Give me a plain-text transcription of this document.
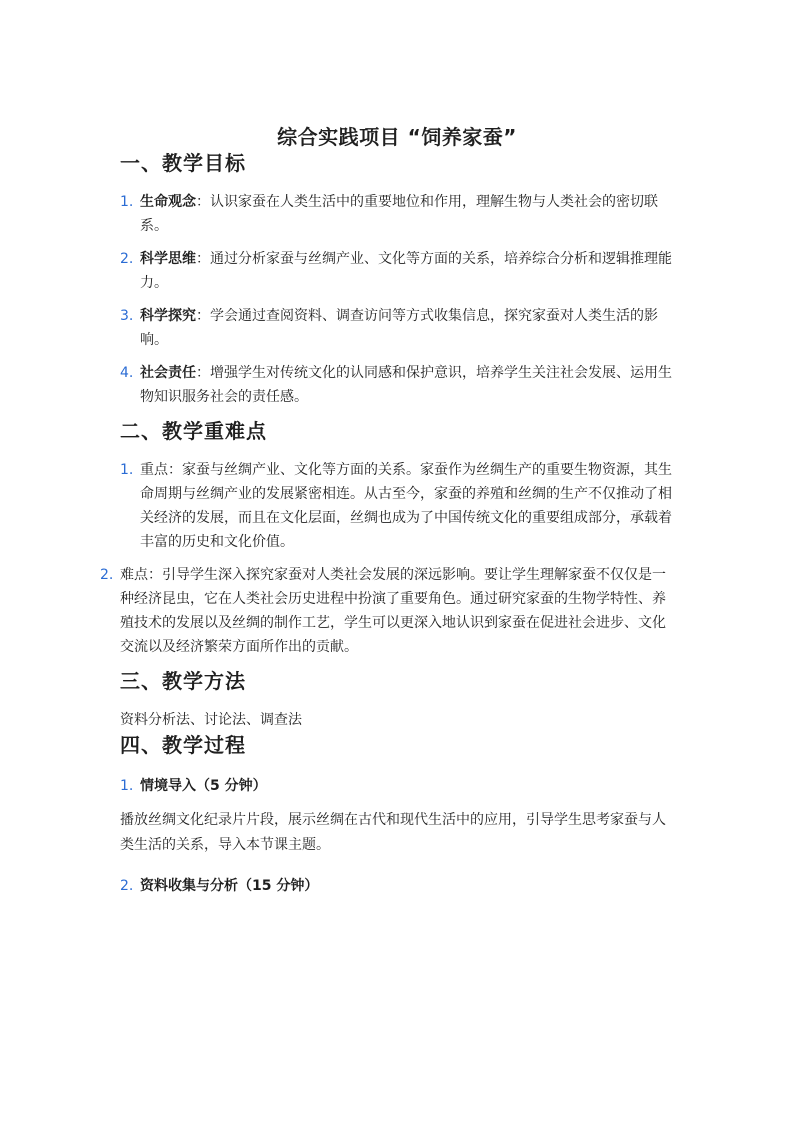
综合实践项目 “饲养家蚕”
一、教学目标
1. 生命观念：认识家蚕在人类生活中的重要地位和作用，理解生物与人类社会的密切联系。
2. 科学思维：通过分析家蚕与丝绸产业、文化等方面的关系，培养综合分析和逻辑推理能力。
3. 科学探究：学会通过查阅资料、调查访问等方式收集信息，探究家蚕对人类生活的影响。
4. 社会责任：增强学生对传统文化的认同感和保护意识，培养学生关注社会发展、运用生物知识服务社会的责任感。
二、教学重难点
1. 重点：家蚕与丝绸产业、文化等方面的关系。家蚕作为丝绸生产的重要生物资源，其生命周期与丝绸产业的发展紧密相连。从古至今，家蚕的养殖和丝绸的生产不仅推动了相关经济的发展，而且在文化层面，丝绸也成为了中国传统文化的重要组成部分，承载着丰富的历史和文化价值。
2. 难点：引导学生深入探究家蚕对人类社会发展的深远影响。要让学生理解家蚕不仅仅是一种经济昆虫，它在人类社会历史进程中扮演了重要角色。通过研究家蚕的生物学特性、养殖技术的发展以及丝绸的制作工艺，学生可以更深入地认识到家蚕在促进社会进步、文化交流以及经济繁荣方面所作出的贡献。
三、教学方法

资料分析法、讨论法、调查法

四、教学过程
1. 情境导入（5 分钟）

播放丝绸文化纪录片片段，展示丝绸在古代和现代生活中的应用，引导学生思考家蚕与人类生活的关系，导入本节课主题。

2. 资料收集与分析（15 分钟）
